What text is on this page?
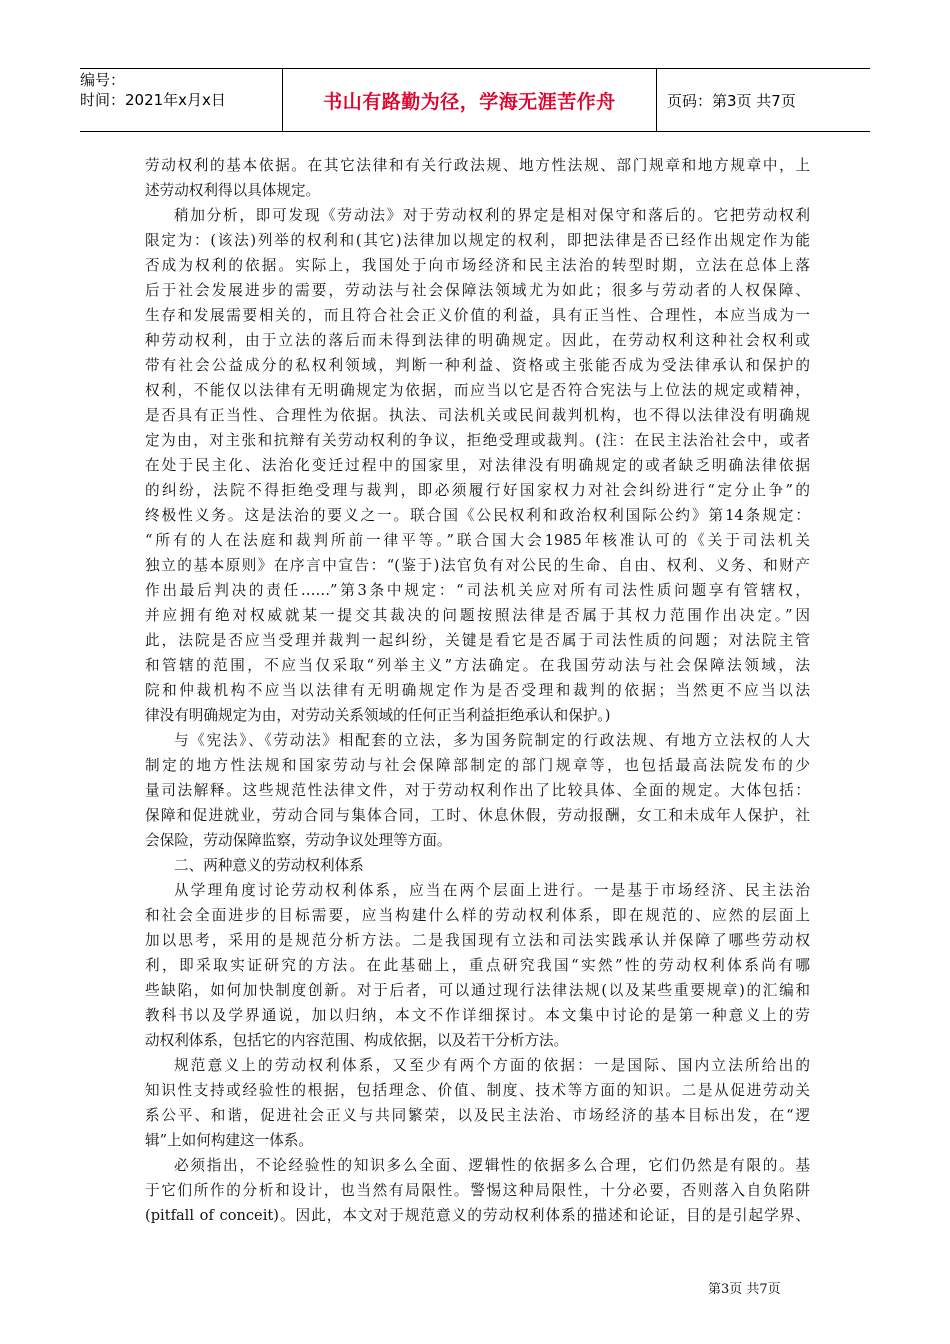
编号：
时间：2021年x月x日	书山有路勤为径，学海无涯苦作舟	页码：第3页 共7页
劳动权利的基本依据。在其它法律和有关行政法规、地方性法规、部门规章和地方规章中，上
述劳动权利得以具体规定。
稍加分析，即可发现《劳动法》对于劳动权利的界定是相对保守和落后的。它把劳动权利
限定为：(该法)列举的权利和(其它)法律加以规定的权利，即把法律是否已经作出规定作为能
否成为权利的依据。实际上，我国处于向市场经济和民主法治的转型时期，立法在总体上落
后于社会发展进步的需要，劳动法与社会保障法领域尤为如此；很多与劳动者的人权保障、
生存和发展需要相关的，而且符合社会正义价值的利益，具有正当性、合理性，本应当成为一
种劳动权利，由于立法的落后而未得到法律的明确规定。因此，在劳动权利这种社会权利或
带有社会公益成分的私权利领域，判断一种利益、资格或主张能否成为受法律承认和保护的
权利，不能仅以法律有无明确规定为依据，而应当以它是否符合宪法与上位法的规定或精神，
是否具有正当性、合理性为依据。执法、司法机关或民间裁判机构，也不得以法律没有明确规
定为由，对主张和抗辩有关劳动权利的争议，拒绝受理或裁判。(注：在民主法治社会中，或者
在处于民主化、法治化变迁过程中的国家里，对法律没有明确规定的或者缺乏明确法律依据
的纠纷，法院不得拒绝受理与裁判，即必须履行好国家权力对社会纠纷进行“定分止争”的
终极性义务。这是法治的要义之一。联合国《公民权利和政治权利国际公约》第14条规定：
“所有的人在法庭和裁判所前一律平等。”联合国大会1985年核准认可的《关于司法机关
独立的基本原则》在序言中宣告：“(鉴于)法官负有对公民的生命、自由、权利、义务、和财产
作出最后判决的责任……”第3条中规定：“司法机关应对所有司法性质问题享有管辖权，
并应拥有绝对权威就某一提交其裁决的问题按照法律是否属于其权力范围作出决定。”因
此，法院是否应当受理并裁判一起纠纷，关键是看它是否属于司法性质的问题；对法院主管
和管辖的范围，不应当仅采取“列举主义”方法确定。在我国劳动法与社会保障法领域，法
院和仲裁机构不应当以法律有无明确规定作为是否受理和裁判的依据；当然更不应当以法
律没有明确规定为由，对劳动关系领域的任何正当利益拒绝承认和保护。)
与《宪法》、《劳动法》相配套的立法，多为国务院制定的行政法规、有地方立法权的人大
制定的地方性法规和国家劳动与社会保障部制定的部门规章等，也包括最高法院发布的少
量司法解释。这些规范性法律文件，对于劳动权利作出了比较具体、全面的规定。大体包括：
保障和促进就业，劳动合同与集体合同，工时、休息休假，劳动报酬，女工和未成年人保护，社
会保险，劳动保障监察，劳动争议处理等方面。
二、两种意义的劳动权利体系
从学理角度讨论劳动权利体系，应当在两个层面上进行。一是基于市场经济、民主法治
和社会全面进步的目标需要，应当构建什么样的劳动权利体系，即在规范的、应然的层面上
加以思考，采用的是规范分析方法。二是我国现有立法和司法实践承认并保障了哪些劳动权
利，即采取实证研究的方法。在此基础上，重点研究我国“实然”性的劳动权利体系尚有哪
些缺陷，如何加快制度创新。对于后者，可以通过现行法律法规(以及某些重要规章)的汇编和
教科书以及学界通说，加以归纳，本文不作详细探讨。本文集中讨论的是第一种意义上的劳
动权利体系，包括它的内容范围、构成依据，以及若干分析方法。
规范意义上的劳动权利体系，又至少有两个方面的依据：一是国际、国内立法所给出的
知识性支持或经验性的根据，包括理念、价值、制度、技术等方面的知识。二是从促进劳动关
系公平、和谐，促进社会正义与共同繁荣，以及民主法治、市场经济的基本目标出发，在“逻
辑”上如何构建这一体系。
必须指出，不论经验性的知识多么全面、逻辑性的依据多么合理，它们仍然是有限的。基
于它们所作的分析和设计，也当然有局限性。警惕这种局限性，十分必要，否则落入自负陷阱
(pitfall of conceit)。因此，本文对于规范意义的劳动权利体系的描述和论证，目的是引起学界、
第3页 共7页
